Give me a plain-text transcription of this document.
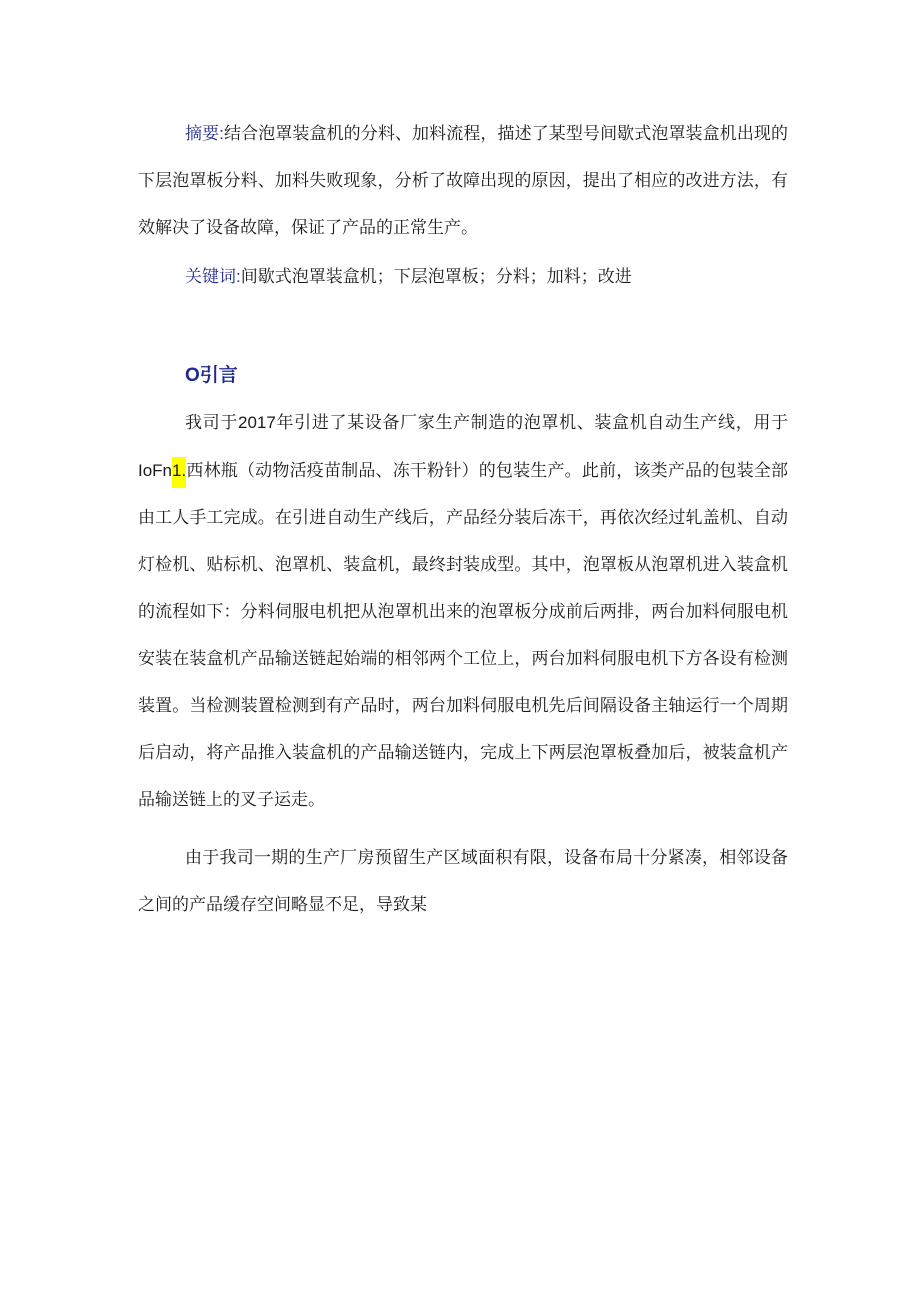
摘要:结合泡罩装盒机的分料、加料流程，描述了某型号间歇式泡罩装盒机出现的下层泡罩板分料、加料失败现象，分析了故障出现的原因，提出了相应的改进方法，有效解决了设备故障，保证了产品的正常生产。

关键词:间歇式泡罩装盒机；下层泡罩板；分料；加料；改进

O引言

我司于2017年引进了某设备厂家生产制造的泡罩机、装盒机自动生产线，用于IoFn1.西林瓶（动物活疫苗制品、冻干粉针）的包装生产。此前，该类产品的包装全部由工人手工完成。在引进自动生产线后，产品经分装后冻干，再依次经过轧盖机、自动灯检机、贴标机、泡罩机、装盒机，最终封装成型。其中，泡罩板从泡罩机进入装盒机的流程如下：分料伺服电机把从泡罩机出来的泡罩板分成前后两排，两台加料伺服电机安装在装盒机产品输送链起始端的相邻两个工位上，两台加料伺服电机下方各设有检测装置。当检测装置检测到有产品时，两台加料伺服电机先后间隔设备主轴运行一个周期后启动，将产品推入装盒机的产品输送链内，完成上下两层泡罩板叠加后，被装盒机产品输送链上的叉子运走。

由于我司一期的生产厂房预留生产区域面积有限，设备布局十分紧凑，相邻设备之间的产品缓存空间略显不足，导致某
